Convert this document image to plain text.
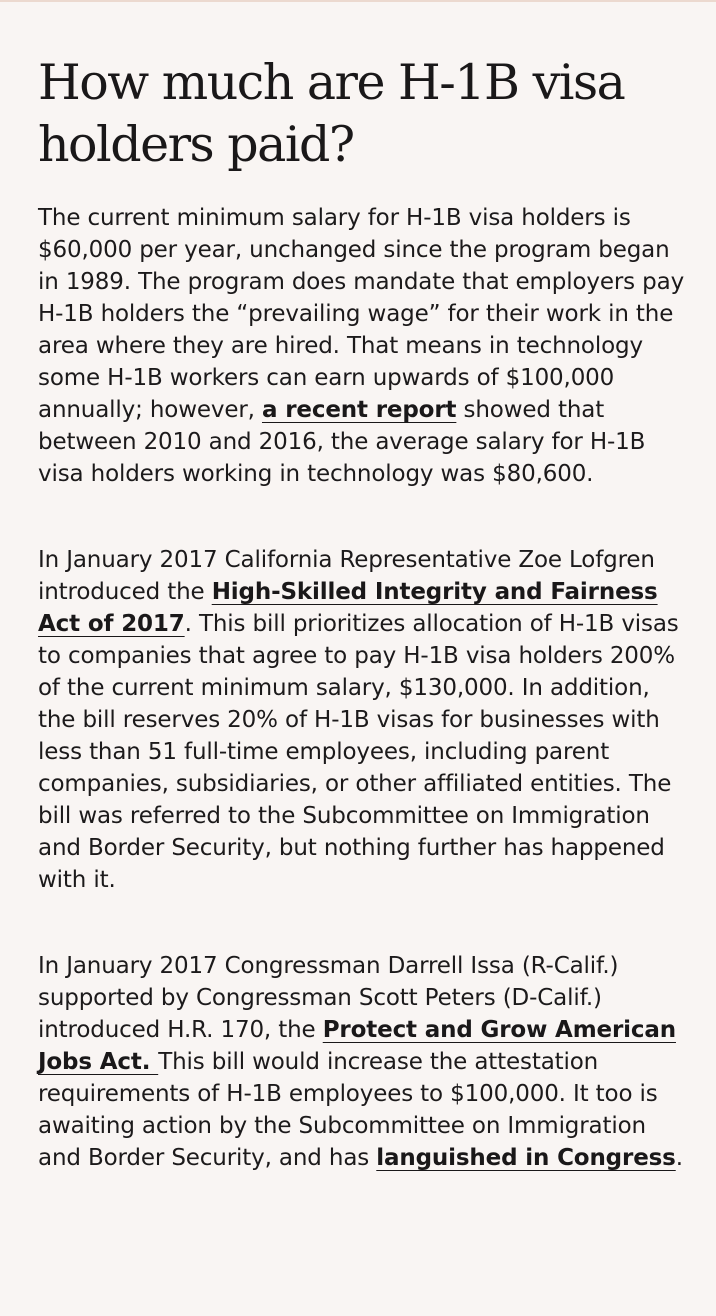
How much are H-1B visa holders paid?

The current minimum salary for H-1B visa holders is $60,000 per year, unchanged since the program began in 1989. The program does mandate that employers pay H-1B holders the “prevailing wage” for their work in the area where they are hired. That means in technology some H-1B workers can earn upwards of $100,000 annually; however, a recent report showed that between 2010 and 2016, the average salary for H-1B visa holders working in technology was $80,600.

In January 2017 California Representative Zoe Lofgren introduced the High-Skilled Integrity and Fairness Act of 2017. This bill prioritizes allocation of H-1B visas to companies that agree to pay H-1B visa holders 200% of the current minimum salary, $130,000. In addition, the bill reserves 20% of H-1B visas for businesses with less than 51 full-time employees, including parent companies, subsidiaries, or other affiliated entities. The bill was referred to the Subcommittee on Immigration and Border Security, but nothing further has happened with it.

In January 2017 Congressman Darrell Issa (R-Calif.) supported by Congressman Scott Peters (D-Calif.) introduced H.R. 170, the Protect and Grow American Jobs Act. This bill would increase the attestation requirements of H-1B employees to $100,000. It too is awaiting action by the Subcommittee on Immigration and Border Security, and has languished in Congress.
